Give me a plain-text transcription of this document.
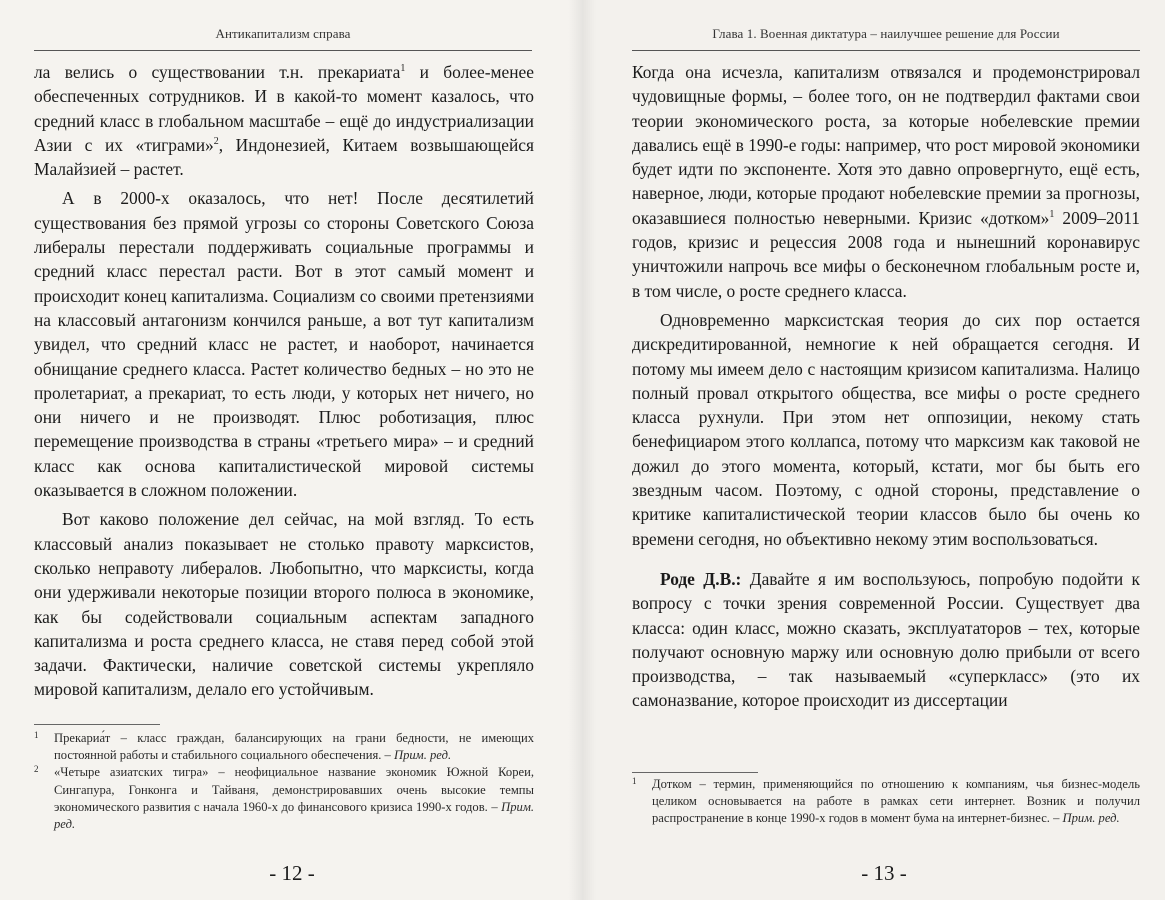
Антикапитализм справа

ла велись о существовании т.н. прекариата$^1$ и более-менее обеспеченных сотрудников. И в какой-то момент казалось, что средний класс в глобальном масштабе – ещё до индустриализации Азии с их «тиграми»$^2$, Индонезией, Китаем возвышающейся Малайзией – растет.

А в 2000-х оказалось, что нет! После десятилетий существования без прямой угрозы со стороны Советского Союза либералы перестали поддерживать социальные программы и средний класс перестал расти. Вот в этот самый момент и происходит конец капитализма. Социализм со своими претензиями на классовый антагонизм кончился раньше, а вот тут капитализм увидел, что средний класс не растет, и наоборот, начинается обнищание среднего класса. Растет количество бедных – но это не пролетариат, а прекариат, то есть люди, у которых нет ничего, но они ничего и не производят. Плюс роботизация, плюс перемещение производства в страны «третьего мира» – и средний класс как основа капиталистической мировой системы оказывается в сложном положении.

Вот каково положение дел сейчас, на мой взгляд. То есть классовый анализ показывает не столько правоту марксистов, сколько неправоту либералов. Любопытно, что марксисты, когда они удерживали некоторые позиции второго полюса в экономике, как бы содействовали социальным аспектам западного капитализма и роста среднего класса, не ставя перед собой этой задачи. Фактически, наличие советской системы укрепляло мировой капитализм, делало его устойчивым.

1 Прекариа́т – класс граждан, балансирующих на грани бедности, не имеющих постоянной работы и стабильного социального обеспечения. – Прим. ред.
2 «Четыре азиатских тигра» – неофициальное название экономик Южной Кореи, Сингапура, Гонконга и Тайваня, демонстрировавших очень высокие темпы экономического развития с начала 1960-х до финансового кризиса 1990-х годов. – Прим. ред.
- 12 -
Глава 1. Военная диктатура – наилучшее решение для России

Когда она исчезла, капитализм отвязался и продемонстрировал чудовищные формы, – более того, он не подтвердил фактами свои теории экономического роста, за которые нобелевские премии давались ещё в 1990-е годы: например, что рост мировой экономики будет идти по экспоненте. Хотя это давно опровергнуто, ещё есть, наверное, люди, которые продают нобелевские премии за прогнозы, оказавшиеся полностью неверными. Кризис «дотком»$^1$ 2009–2011 годов, кризис и рецессия 2008 года и нынешний коронавирус уничтожили напрочь все мифы о бесконечном глобальным росте и, в том числе, о росте среднего класса.

Одновременно марксистская теория до сих пор остается дискредитированной, немногие к ней обращается сегодня. И потому мы имеем дело с настоящим кризисом капитализма. Налицо полный провал открытого общества, все мифы о росте среднего класса рухнули. При этом нет оппозиции, некому стать бенефициаром этого коллапса, потому что марксизм как таковой не дожил до этого момента, который, кстати, мог бы быть его звездным часом. Поэтому, с одной стороны, представление о критике капиталистической теории классов было бы очень ко времени сегодня, но объективно некому этим воспользоваться.

Роде Д.В.: Давайте я им воспользуюсь, попробую подойти к вопросу с точки зрения современной России. Существует два класса: один класс, можно сказать, эксплуататоров – тех, которые получают основную маржу или основную долю прибыли от всего производства, – так называемый «суперкласс» (это их самоназвание, которое происходит из диссертации

1 Дотком – термин, применяющийся по отношению к компаниям, чья бизнес-модель целиком основывается на работе в рамках сети интернет. Возник и получил распространение в конце 1990-х годов в момент бума на интернет-бизнес. – Прим. ред.
- 13 -
